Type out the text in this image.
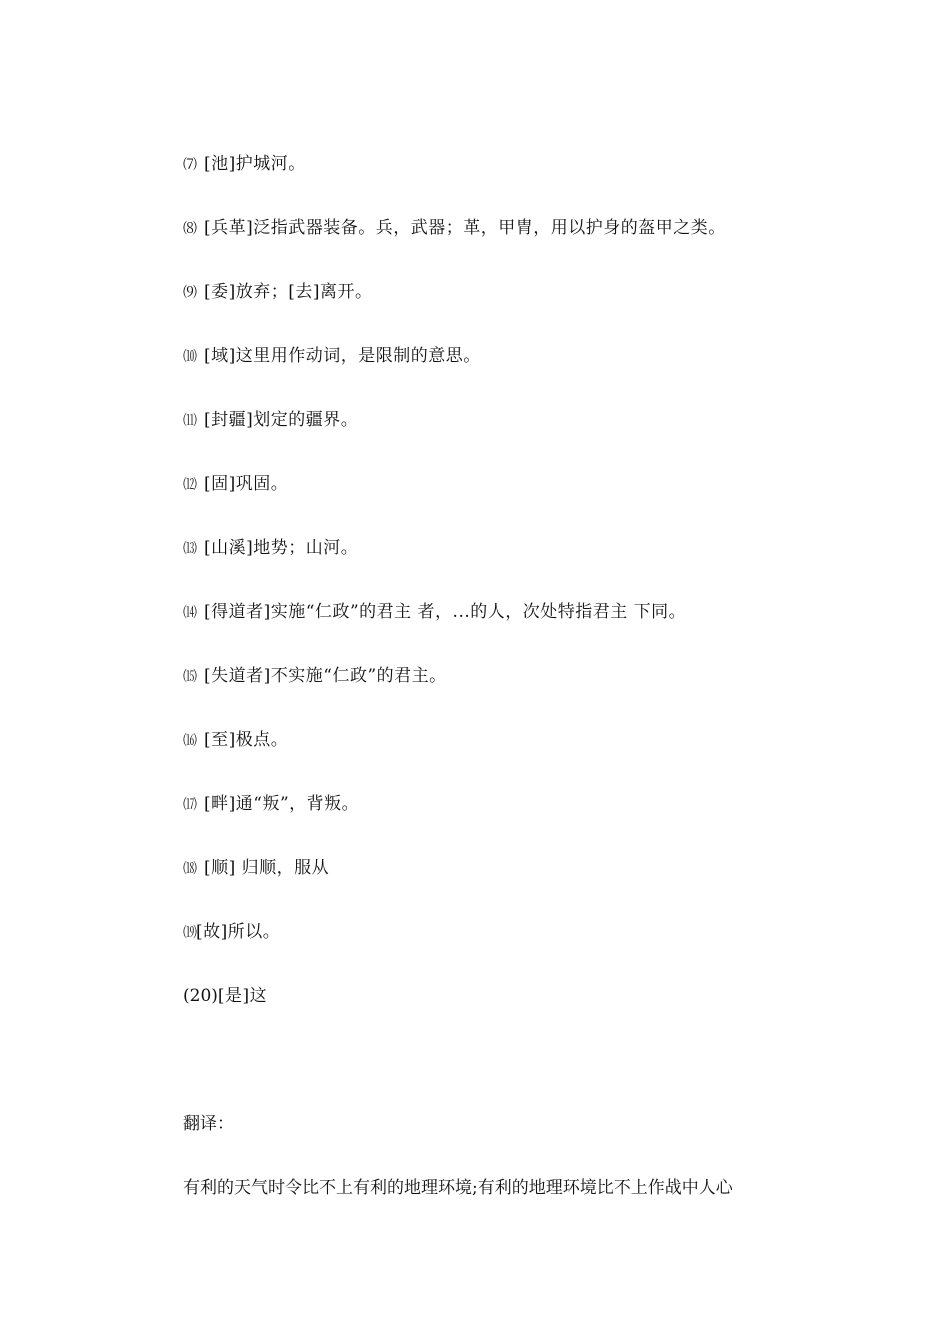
⑺ [池]护城河。
⑻ [兵革]泛指武器装备。兵，武器；革，甲胄，用以护身的盔甲之类。
⑼ [委]放弃；[去]离开。
⑽ [域]这里用作动词，是限制的意思。
⑾ [封疆]划定的疆界。
⑿ [固]巩固。
⒀ [山溪]地势；山河。
⒁ [得道者]实施“仁政”的君主 者，...的人，次处特指君主 下同。
⒂ [失道者]不实施“仁政”的君主。
⒃ [至]极点。
⒄ [畔]通“叛”，背叛。
⒅ [顺] 归顺，服从
⒆[故]所以。
(20)[是]这
翻译：
有利的天气时令比不上有利的地理环境;有利的地理环境比不上作战中人心
